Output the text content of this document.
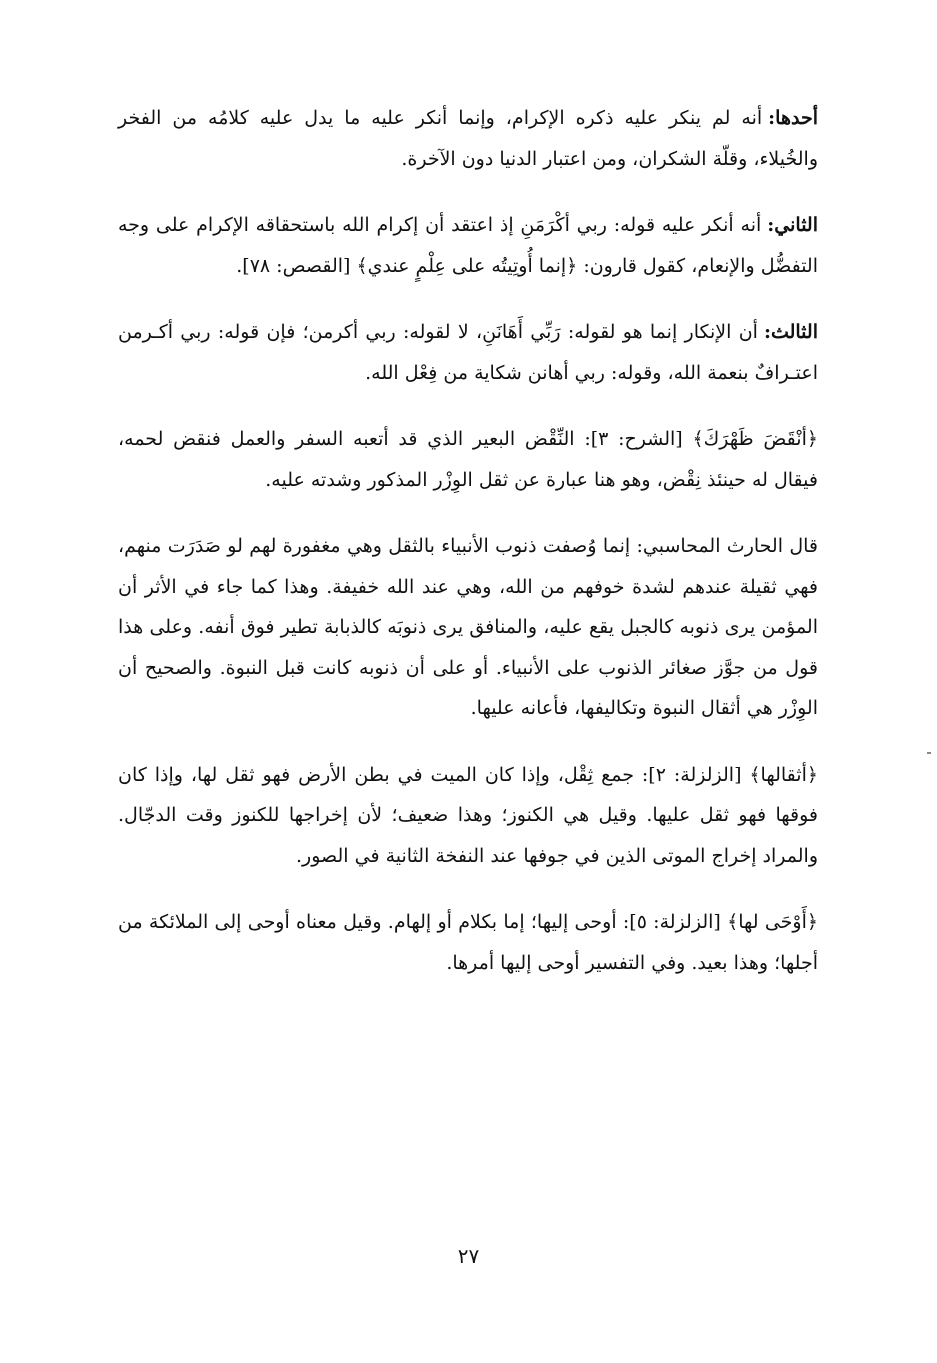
أحدها:أنه لم ينكر عليه ذكره الإكرام، وإنما أنكر عليه ما يدل عليه كلامُه من الفخر والخُيلاء، وقلّة الشكران، ومن اعتبار الدنيا دون الآخرة.

الثاني:أنه أنكر عليه قوله: ربي أكْرَمَنِ إذ اعتقد أن إكرام الله باستحقاقه الإكرام على وجه التفضُّل والإنعام، كقول قارون: ﴿إنما أُوتِيتُه على عِلْمٍ عندي﴾ [القصص: ٧٨].

الثالث:أن الإنكار إنما هو لقوله: رَبِّي أَهَانَنِ، لا لقوله: ربي أكرمن؛ فإن قوله: ربي أكـرمن اعتـرافٌ بنعمة الله، وقوله: ربي أهانن شكاية من فِعْل الله.

﴿أنْقَضَ ظَهْرَكَ﴾ [الشرح: ٣]: النِّقْض البعير الذي قد أتعبه السفر والعمل فنقض لحمه، فيقال له حينئذ نِقْض، وهو هنا عبارة عن ثقل الوِزْر المذكور وشدته عليه.

قال الحارث المحاسبي: إنما وُصفت ذنوب الأنبياء بالثقل وهي مغفورة لهم لو صَدَرَت منهم، فهي ثقيلة عندهم لشدة خوفهم من الله، وهي عند الله خفيفة. وهذا كما جاء في الأثر أن المؤمن يرى ذنوبه كالجبل يقع عليه، والمنافق يرى ذنوبَه كالذبابة تطير فوق أنفه. وعلى هذا قول من جوَّز صغائر الذنوب على الأنبياء. أو على أن ذنوبه كانت قبل النبوة. والصحيح أن الوِزْر هي أثقال النبوة وتكاليفها، فأعانه عليها.

﴿أثقالها﴾ [الزلزلة: ٢]: جمع ثِقْل، وإذا كان الميت في بطن الأرض فهو ثقل لها، وإذا كان فوقها فهو ثقل عليها. وقيل هي الكنوز؛ وهذا ضعيف؛ لأن إخراجها للكنوز وقت الدجّال. والمراد إخراج الموتى الذين في جوفها عند النفخة الثانية في الصور.

﴿أَوْحَى لها﴾ [الزلزلة: ٥]: أوحى إليها؛ إما بكلام أو إلهام. وقيل معناه أوحى إلى الملائكة من أجلها؛ وهذا بعيد. وفي التفسير أوحى إليها أمرها.

٢٧
